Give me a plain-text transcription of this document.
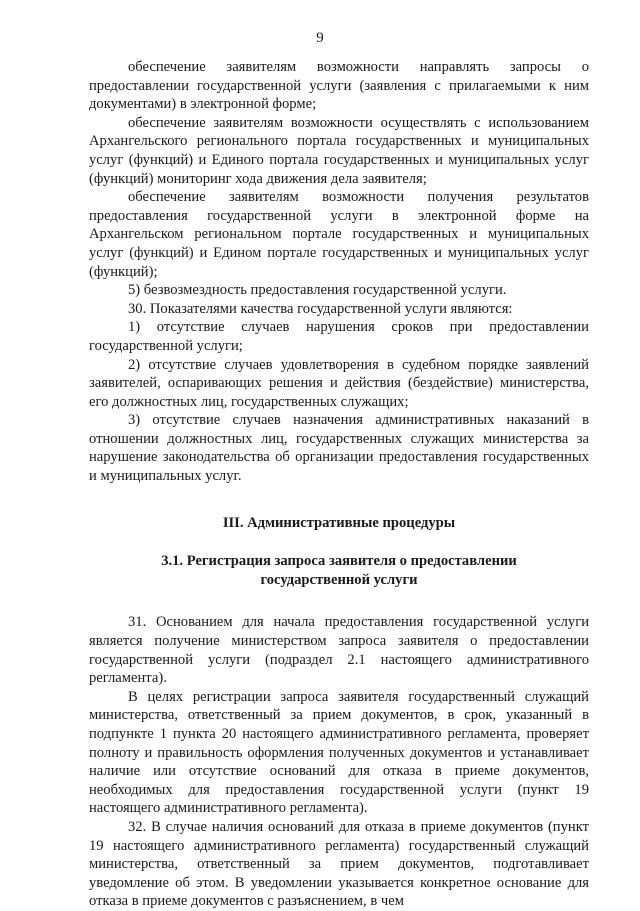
9

обеспечение заявителям возможности направлять запросы о предоставлении государственной услуги (заявления с прилагаемыми к ним документами) в электронной форме;

обеспечение заявителям возможности осуществлять с использованием Архангельского регионального портала государственных и муниципальных услуг (функций) и Единого портала государственных и муниципальных услуг (функций) мониторинг хода движения дела заявителя;

обеспечение заявителям возможности получения результатов предоставления государственной услуги в электронной форме на Архангельском региональном портале государственных и муниципальных услуг (функций) и Едином портале государственных и муниципальных услуг (функций);

5) безвозмездность предоставления государственной услуги.

30. Показателями качества государственной услуги являются:

1) отсутствие случаев нарушения сроков при предоставлении государственной услуги;

2) отсутствие случаев удовлетворения в судебном порядке заявлений заявителей, оспаривающих решения и действия (бездействие) министерства, его должностных лиц, государственных служащих;

3) отсутствие случаев назначения административных наказаний в отношении должностных лиц, государственных служащих министерства за нарушение законодательства об организации предоставления государственных и муниципальных услуг.

III. Административные процедуры
3.1. Регистрация запроса заявителя о предоставлении государственной услуги

31. Основанием для начала предоставления государственной услуги является получение министерством запроса заявителя о предоставлении государственной услуги (подраздел 2.1 настоящего административного регламента).

В целях регистрации запроса заявителя государственный служащий министерства, ответственный за прием документов, в срок, указанный в подпункте 1 пункта 20 настоящего административного регламента, проверяет полноту и правильность оформления полученных документов и устанавливает наличие или отсутствие оснований для отказа в приеме документов, необходимых для предоставления государственной услуги (пункт 19 настоящего административного регламента).

32. В случае наличия оснований для отказа в приеме документов (пункт 19 настоящего административного регламента) государственный служащий министерства, ответственный за прием документов, подготавливает уведомление об этом. В уведомлении указывается конкретное основание для отказа в приеме документов с разъяснением, в чем
